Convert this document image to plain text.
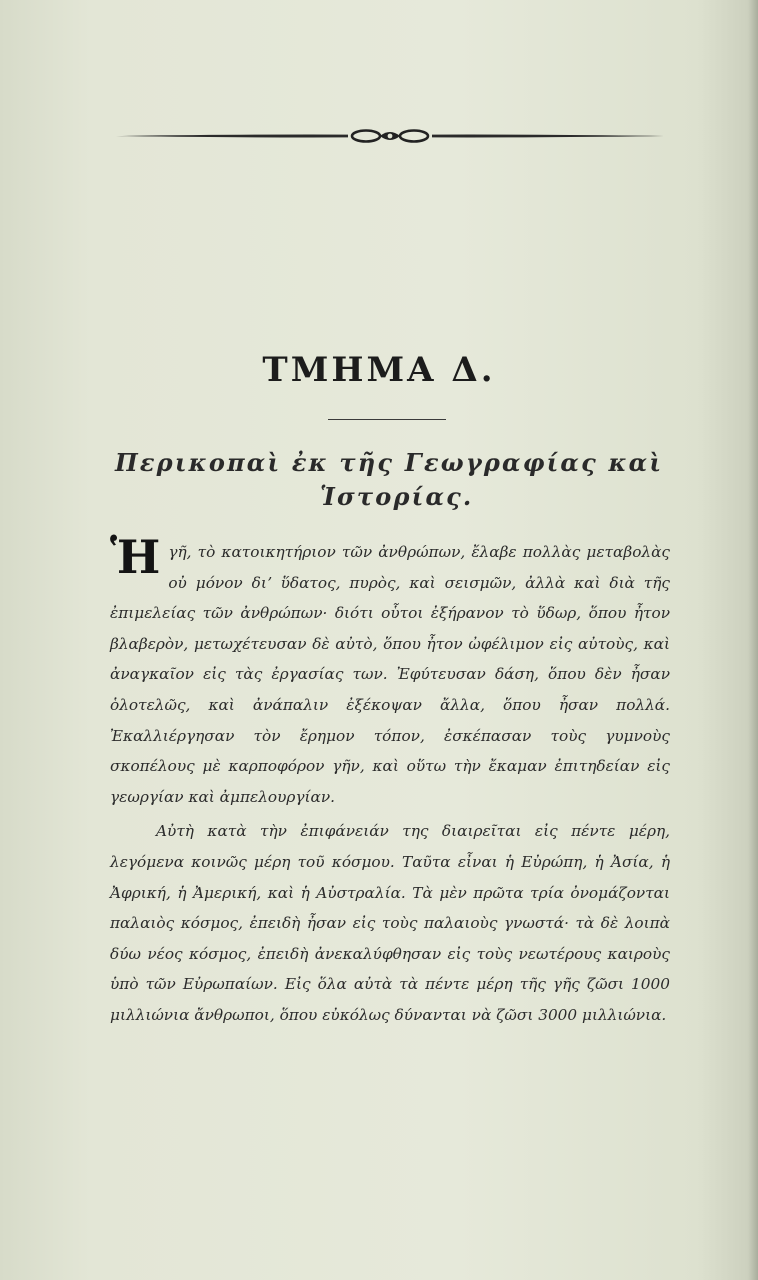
ΤΜΗΜΑ Δ.
Περικοπαὶ ἐκ τῆς Γεωγραφίας καὶ
Ἱστορίας.

Ἡγῆ, τὸ κατοικητήριον τῶν ἀνθρώπων, ἔλαβε πολλὰς μεταβολὰς οὐ μόνον διʼ ὕδατος, πυρὸς, καὶ σεισμῶν, ἀλλὰ καὶ διὰ τῆς ἐπιμελείας τῶν ἀνθρώπων· διότι οὗτοι ἐξήρανον τὸ ὕδωρ, ὅπου ἦτον βλαβερὸν, μετωχέτευσαν δὲ αὐτὸ, ὅπου ἦτον ὠφέλιμον εἰς αὐτοὺς, καὶ ἀναγκαῖον εἰς τὰς ἐργασίας των. Ἐφύτευσαν δάση, ὅπου δὲν ἦσαν ὁλοτελῶς, καὶ ἀνάπαλιν ἐξέκοψαν ἄλλα, ὅπου ἦσαν πολλά. Ἐκαλλιέργησαν τὸν ἔρημον τόπον, ἐσκέπασαν τοὺς γυμνοὺς σκοπέλους μὲ καρποφόρον γῆν, καὶ οὕτω τὴν ἔκαμαν ἐπιτηδείαν εἰς γεωργίαν καὶ ἀμπελουργίαν.

Αὐτὴ κατὰ τὴν ἐπιφάνειάν της διαιρεῖται εἰς πέντε μέρη, λεγόμενα κοινῶς μέρη τοῦ κόσμου. Ταῦτα εἶναι ἡ Εὐρώπη, ἡ Ἀσία, ἡ Ἀφρική, ἡ Ἀμερική, καὶ ἡ Αὐστραλία. Τὰ μὲν πρῶτα τρία ὀνομάζονται παλαιὸς κόσμος, ἐπειδὴ ἦσαν εἰς τοὺς παλαιοὺς γνωστά· τὰ δὲ λοιπὰ δύω νέος κόσμος, ἐπειδὴ ἀνεκαλύφθησαν εἰς τοὺς νεωτέρους καιροὺς ὑπὸ τῶν Εὐρωπαίων. Εἰς ὅλα αὐτὰ τὰ πέντε μέρη τῆς γῆς ζῶσι 1000 μιλλιώνια ἄνθρωποι, ὅπου εὐκόλως δύνανται νὰ ζῶσι 3000 μιλλιώνια.
